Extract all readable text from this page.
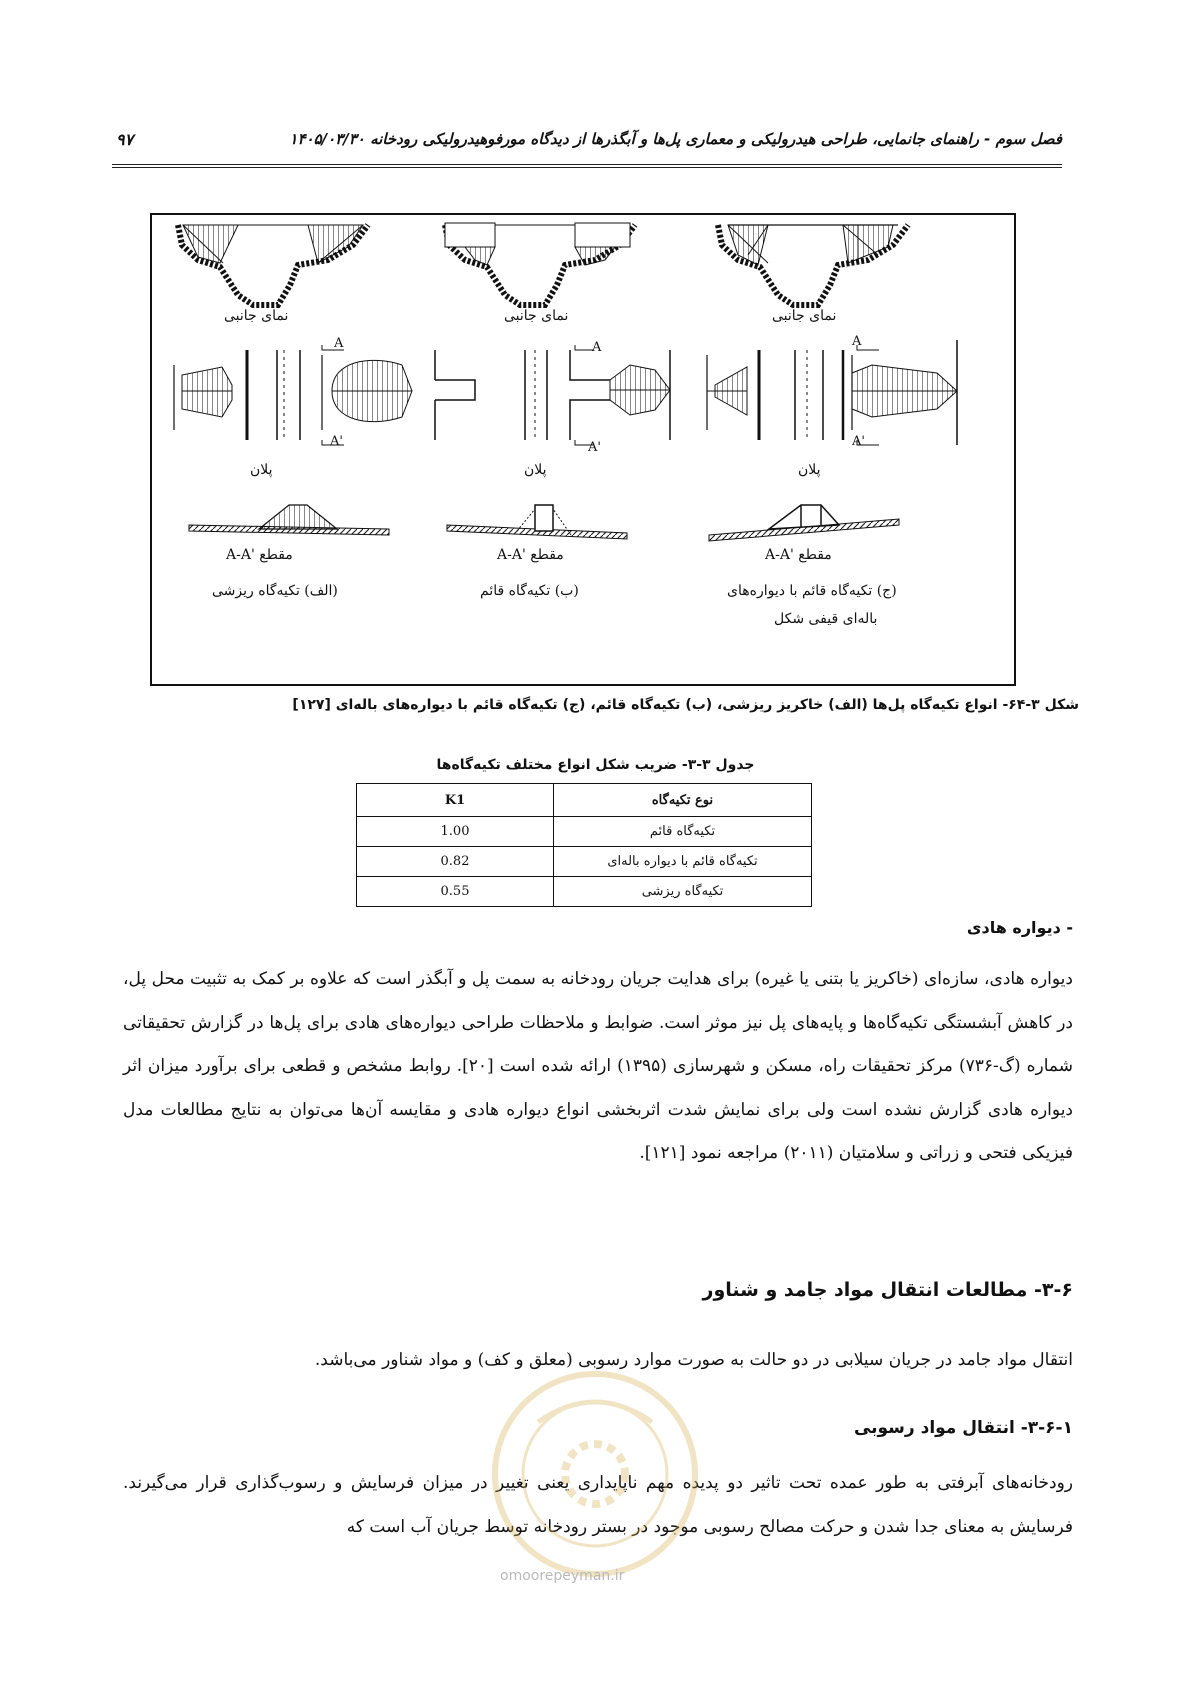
۹۷	فصل سوم - راهنمای جانمایی، طراحی هیدرولیکی و معماری پل‌ها و آبگذرها از دیدگاه مورفوهیدرولیکی رودخانه ۱۴۰۵/۰۳/۳۰
A
A'
A
A'
A
A'
نمای جانبی
نمای جانبی
نمای جانبی
پلان
پلان
پلان
مقطع 'A-A
مقطع 'A-A
مقطع 'A-A
(ج) تکیه‌گاه قائم با دیواره‌های
باله‌ای قیفی شکل
(ب) تکیه‌گاه قائم
(الف) تکیه‌گاه ریزشی
شکل ۳-۶۴- انواع تکیه‌گاه پل‌ها (الف) خاکریز ریزشی، (ب) تکیه‌گاه قائم، (ج) تکیه‌گاه قائم با دیواره‌های باله‌ای [۱۲۷]
جدول ۳-۳- ضریب شکل انواع مختلف تکیه‌گاه‌ها
K1	نوع تکیه‌گاه
1.00	تکیه‌گاه قائم
0.82	تکیه‌گاه قائم با دیواره باله‌ای
0.55	تکیه‌گاه ریزشی
- دیواره هادی
دیواره هادی، سازه‌ای (خاکریز یا بتنی یا غیره) برای هدایت جریان رودخانه به سمت پل و آبگذر است که علاوه بر کمک به تثبیت محل پل، در کاهش آبشستگی تکیه‌گاه‌ها و پایه‌های پل نیز موثر است. ضوابط و ملاحظات طراحی دیواره‌های هادی برای پل‌ها در گزارش تحقیقاتی شماره (گ-۷۳۶) مرکز تحقیقات راه، مسکن و شهرسازی (۱۳۹۵) ارائه شده است [۲۰]. روابط مشخص و قطعی برای برآورد میزان اثر دیواره هادی گزارش نشده است ولی برای نمایش شدت اثربخشی انواع دیواره هادی و مقایسه آن‌ها می‌توان به نتایج مطالعات مدل فیزیکی فتحی و زراتی و سلامتیان (۲۰۱۱) مراجعه نمود [۱۲۱].
۳-۶- مطالعات انتقال مواد جامد و شناور
انتقال مواد جامد در جریان سیلابی در دو حالت به صورت موارد رسوبی (معلق و کف) و مواد شناور می‌باشد.
۳-۶-۱- انتقال مواد رسوبی
رودخانه‌های آبرفتی به طور عمده تحت تاثیر دو پدیده مهم ناپایداری یعنی تغییر در میزان فرسایش و رسوب‌گذاری قرار می‌گیرند. فرسایش به معنای جدا شدن و حرکت مصالح رسوبی موجود در بستر رودخانه توسط جریان آب است که
omoorepeyman.ir
